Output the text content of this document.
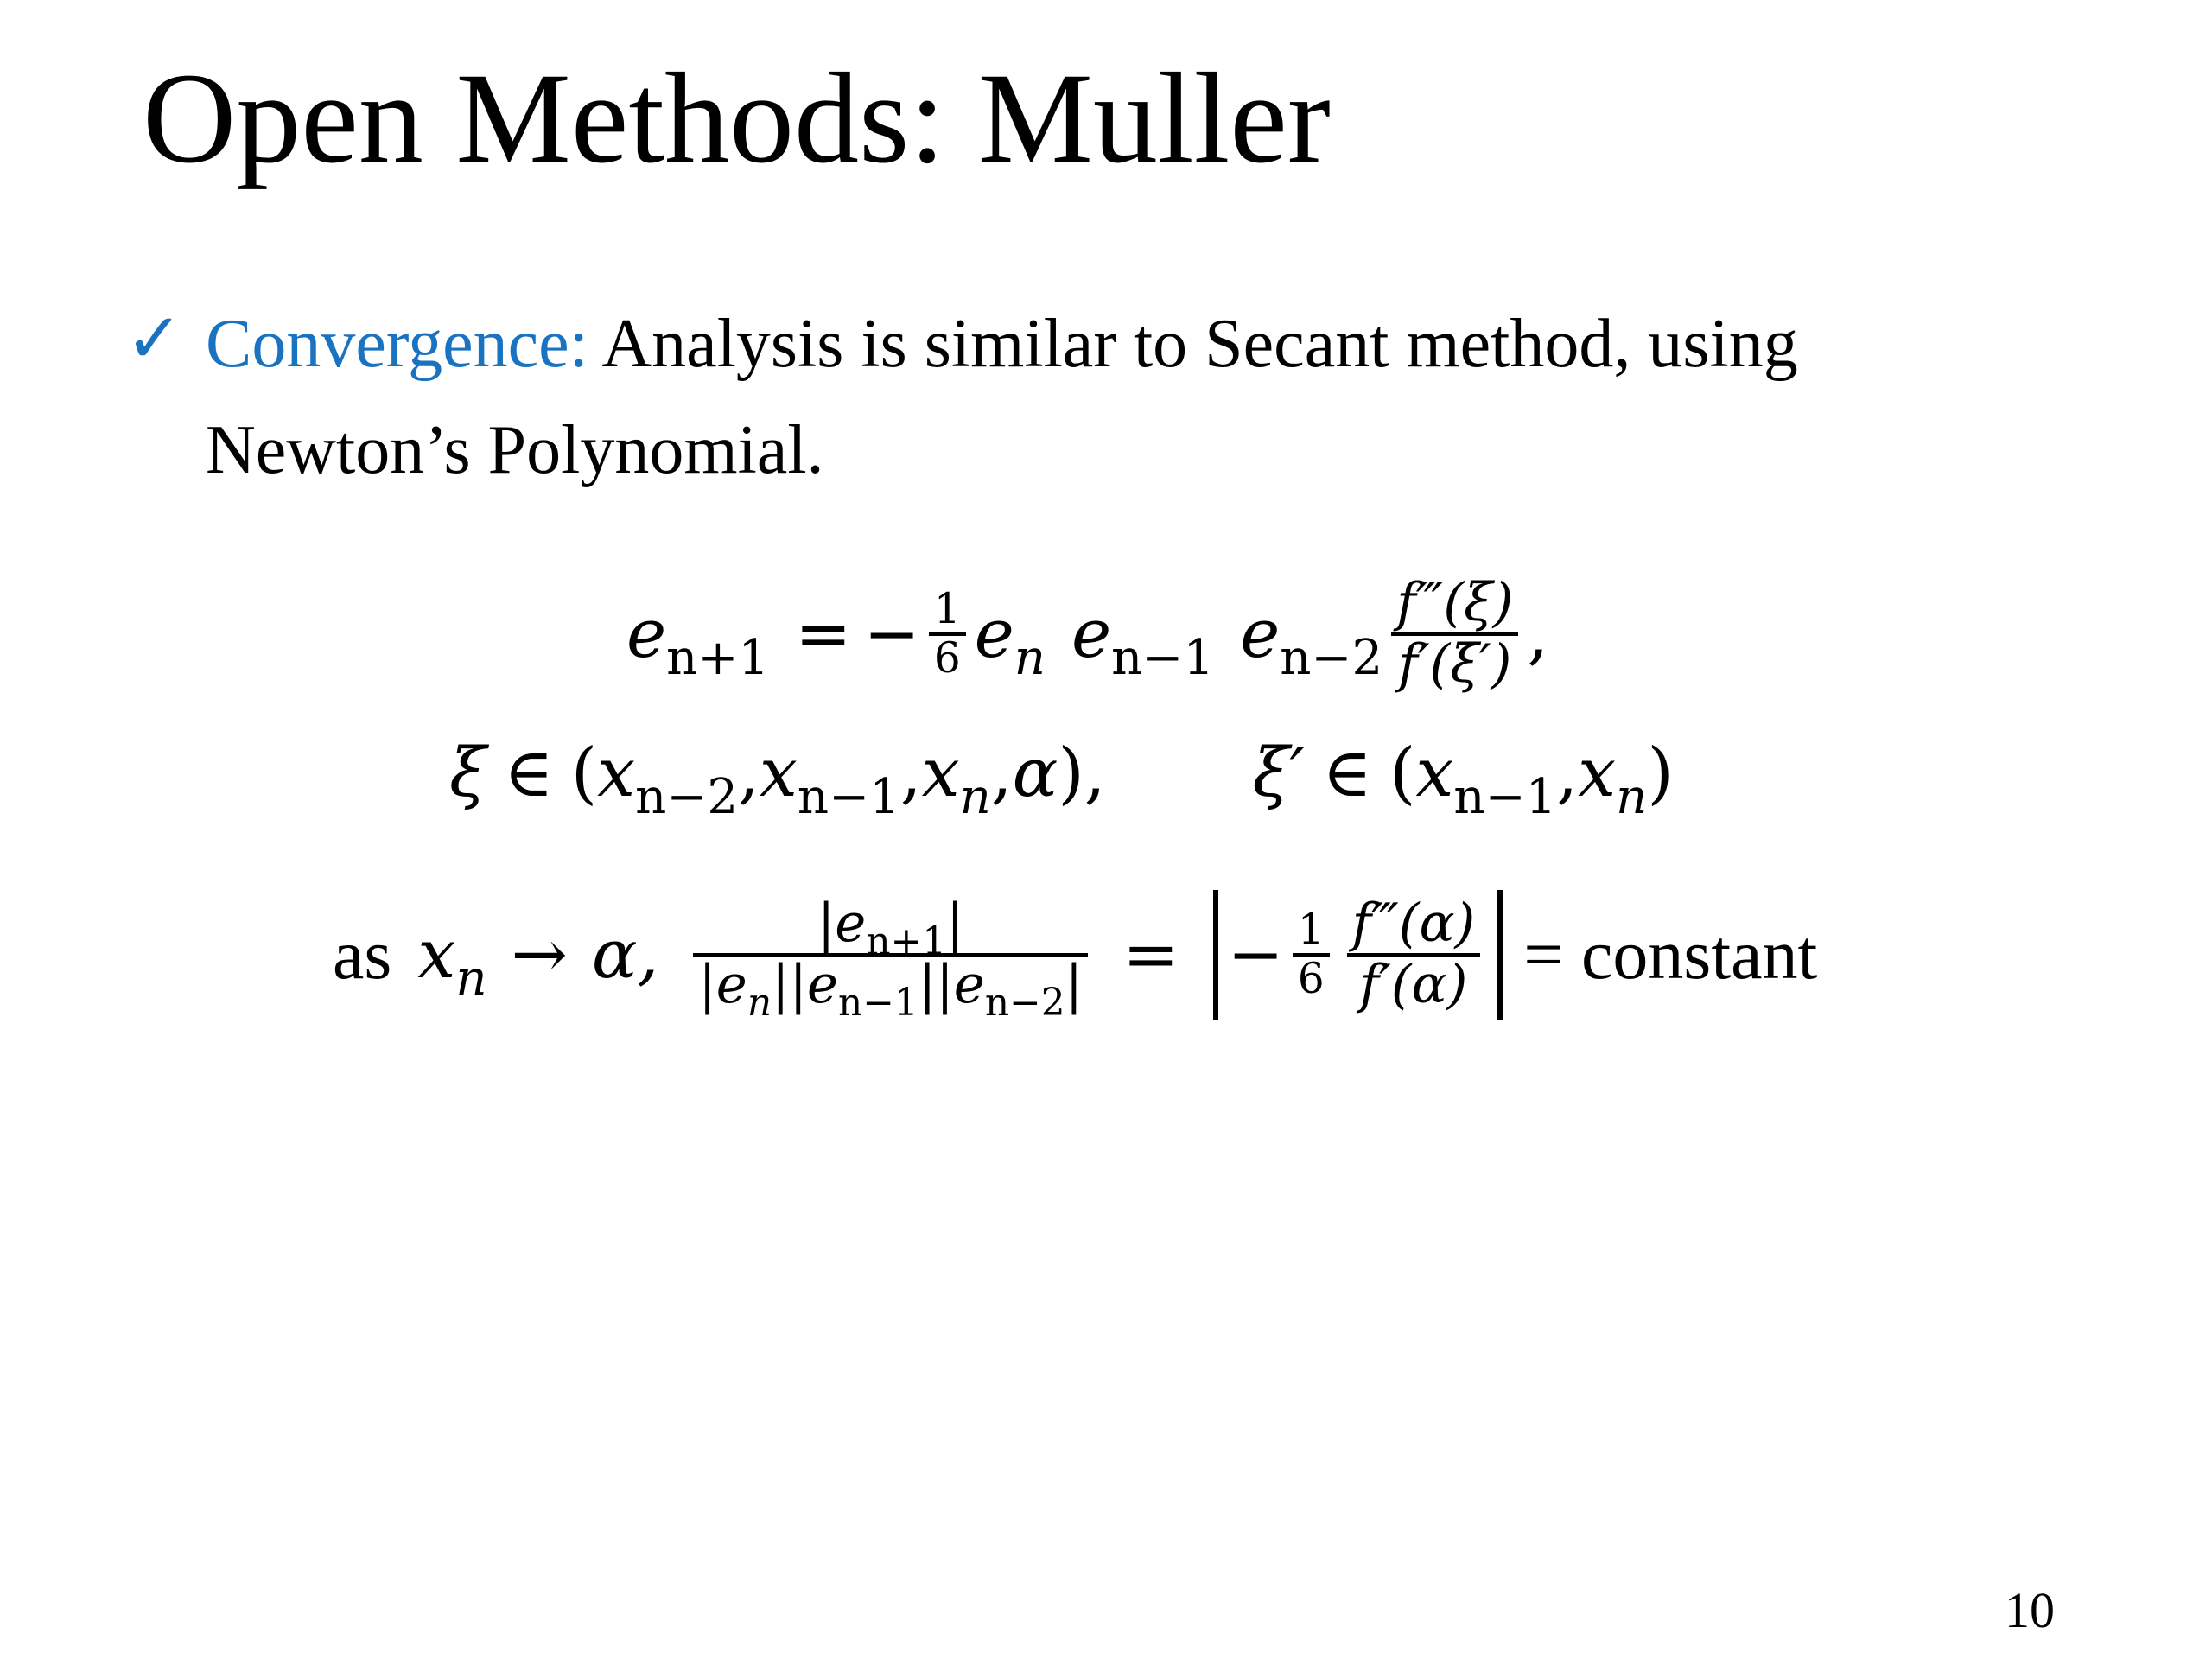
Open Methods: Muller
✓ Convergence: Analysis is similar to Secant method, using
Newton’s Polynomial.
$e_{n+1}$ = − $\frac{1}{6} e_n$ $e_{n-1}$ $e_{n-2} \frac{f‴(\xi)}{f'(\xi')}$ ,
ξ ∈ ( $x_{n-2}$ , $x_{n-1}$ , $x_n$ , α ), ξ′ ∈ ( $x_{n-1}$ , $x_n$ )
as $x_n \to \alpha$, $\frac{|e_{n+1}|}{|e_n||e_{n-1}||e_{n-2}|}$ = − $\frac{1}{6} \frac{f‴(\alpha)}{f'(\alpha)}$ = constant
10
